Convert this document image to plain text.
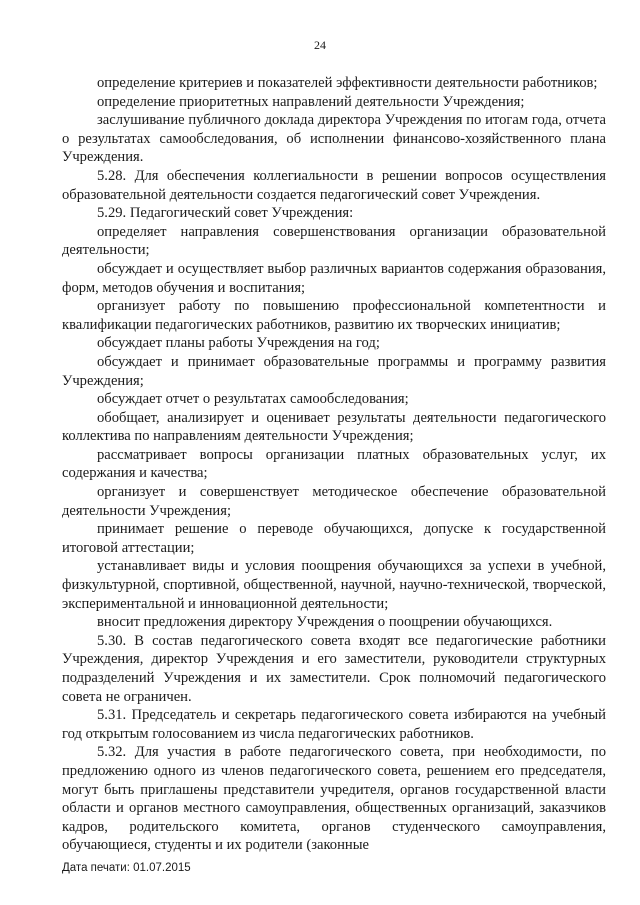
24

определение критериев и показателей эффективности деятельности работников;

определение приоритетных направлений деятельности Учреждения;

заслушивание публичного доклада директора Учреждения по итогам года, отчета о результатах самообследования, об исполнении финансово-хозяйственного плана Учреждения.

5.28. Для обеспечения коллегиальности в решении вопросов осуществления образовательной деятельности создается педагогический совет Учреждения.

5.29. Педагогический совет Учреждения:

определяет направления совершенствования организации образовательной деятельности;

обсуждает и осуществляет выбор различных вариантов содержания образования, форм, методов обучения и воспитания;

организует работу по повышению профессиональной компетентности и квалификации педагогических работников, развитию их творческих инициатив;

обсуждает планы работы Учреждения на год;

обсуждает и принимает образовательные программы и программу развития Учреждения;

обсуждает отчет о результатах самообследования;

обобщает, анализирует и оценивает результаты деятельности педагогического коллектива по направлениям деятельности Учреждения;

рассматривает вопросы организации платных образовательных услуг, их содержания и качества;

организует и совершенствует методическое обеспечение образовательной деятельности Учреждения;

принимает решение о переводе обучающихся, допуске к государственной итоговой аттестации;

устанавливает виды и условия поощрения обучающихся за успехи в учебной, физкультурной, спортивной, общественной, научной, научно-технической, творческой, экспериментальной и инновационной деятельности;

вносит предложения директору Учреждения о поощрении обучающихся.

5.30. В состав педагогического совета входят все педагогические работники Учреждения, директор Учреждения и его заместители, руководители структурных подразделений Учреждения и их заместители. Срок полномочий педагогического совета не ограничен.

5.31. Председатель и секретарь педагогического совета избираются на учебный год открытым голосованием из числа педагогических работников.

5.32. Для участия в работе педагогического совета, при необходимости, по предложению одного из членов педагогического совета, решением его председателя, могут быть приглашены представители учредителя, органов государственной власти области и органов местного самоуправления, общественных организаций, заказчиков кадров, родительского комитета, органов студенческого самоуправления, обучающиеся, студенты и их родители (законные

Дата печати: 01.07.2015
